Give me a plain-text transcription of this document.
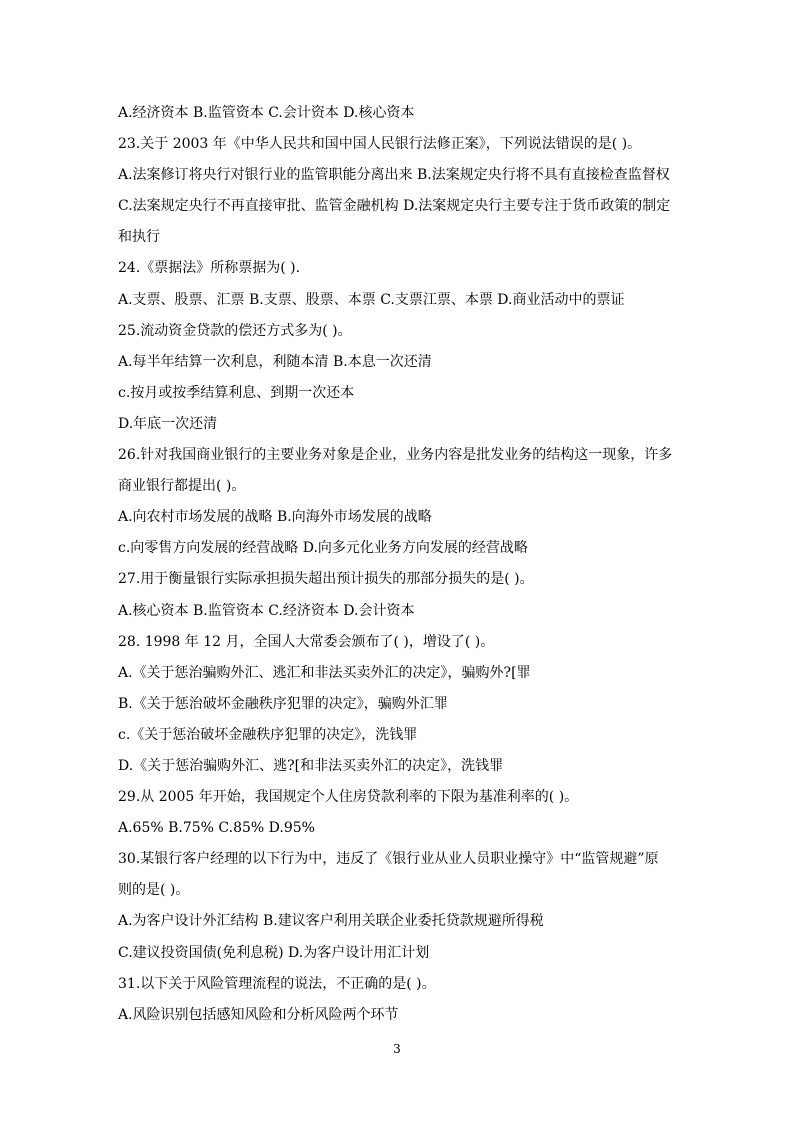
A.经济资本 B.监管资本 C.会计资本 D.核心资本
23.关于 2003 年《中华人民共和国中国人民银行法修正案》，下列说法错误的是( )。
A.法案修订将央行对银行业的监管职能分离出来 B.法案规定央行将不具有直接检查监督权
C.法案规定央行不再直接审批、监管金融机构 D.法案规定央行主要专注于货币政策的制定
和执行
24.《票据法》所称票据为( ).
A.支票、股票、汇票 B.支票、股票、本票 C.支票江票、本票 D.商业活动中的票证
25.流动资金贷款的偿还方式多为( )。
A.每半年结算一次利息，利随本清 B.本息一次还清
c.按月或按季结算利息、到期一次还本
D.年底一次还清
26.针对我国商业银行的主要业务对象是企业，业务内容是批发业务的结构这一现象，许多
商业银行都提出( )。
A.向农村市场发展的战略 B.向海外市场发展的战略
c.向零售方向发展的经营战略 D.向多元化业务方向发展的经营战略
27.用于衡量银行实际承担损失超出预计损失的那部分损失的是( )。
A.核心资本 B.监管资本 C.经济资本 D.会计资本
28. 1998 年 12 月，全国人大常委会颁布了( )，增设了( )。
A.《关于惩治骗购外汇、逃汇和非法买卖外汇的决定》，骗购外?[罪
B.《关于惩治破坏金融秩序犯罪的决定》，骗购外汇罪
c.《关于惩治破坏金融秩序犯罪的决定》，洗钱罪
D.《关于惩治骗购外汇、逃?[和非法买卖外汇的决定》，洗钱罪
29.从 2005 年开始，我国规定个人住房贷款利率的下限为基准利率的( )。
A.65% B.75% C.85% D.95%
30.某银行客户经理的以下行为中，违反了《银行业从业人员职业操守》中“监管规避”原
则的是( )。
A.为客户设计外汇结构 B.建议客户利用关联企业委托贷款规避所得税
C.建议投资国债(免利息税) D.为客户设计用汇计划
31.以下关于风险管理流程的说法，不正确的是( )。
A.风险识别包括感知风险和分析风险两个环节
3
